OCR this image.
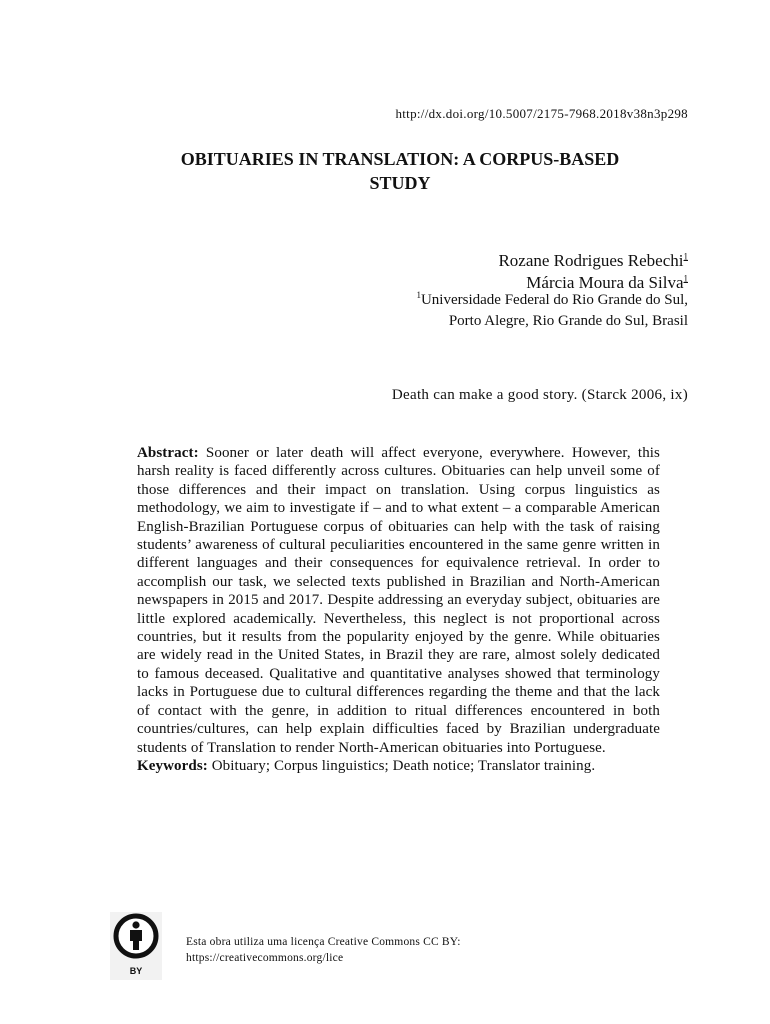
http://dx.doi.org/10.5007/2175-7968.2018v38n3p298
OBITUARIES IN TRANSLATION: A CORPUS-BASED
STUDY
Rozane Rodrigues Rebechi$^1$
Márcia Moura da Silva$^1$
$^1$Universidade Federal do Rio Grande do Sul,
Porto Alegre, Rio Grande do Sul, Brasil
Death can make a good story. (Starck 2006, ix)

Abstract: Sooner or later death will affect everyone, everywhere. However, this harsh reality is faced differently across cultures. Obituaries can help unveil some of those differences and their impact on translation. Using corpus linguistics as methodology, we aim to investigate if – and to what extent – a comparable American English-Brazilian Portuguese corpus of obituaries can help with the task of raising students’ awareness of cultural peculiarities encountered in the same genre written in different languages and their consequences for equivalence retrieval. In order to accomplish our task, we selected texts published in Brazilian and North-American newspapers in 2015 and 2017. Despite addressing an everyday subject, obituaries are little explored academically. Nevertheless, this neglect is not proportional across countries, but it results from the popularity enjoyed by the genre. While obituaries are widely read in the United States, in Brazil they are rare, almost solely dedicated to famous deceased. Qualitative and quantitative analyses showed that terminology lacks in Portuguese due to cultural differences regarding the theme and that the lack of contact with the genre, in addition to ritual differences encountered in both countries/cultures, can help explain difficulties faced by Brazilian undergraduate students of Translation to render North-American obituaries into Portuguese.

Keywords: Obituary; Corpus linguistics; Death notice; Translator training.

BY
Esta obra utiliza uma licença Creative Commons CC BY:
https://creativecommons.org/lice
